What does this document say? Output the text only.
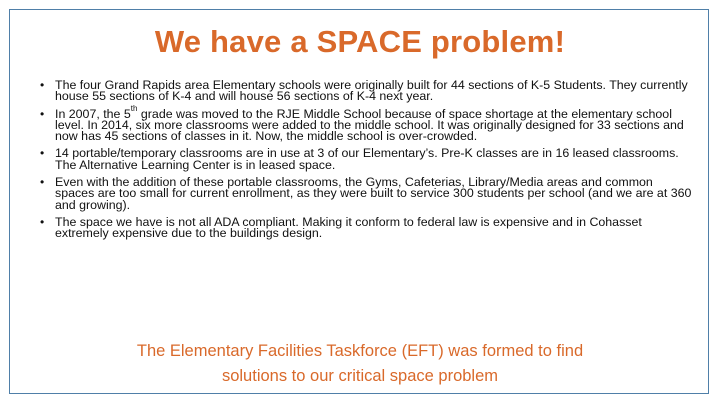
We have a SPACE problem!
• The four Grand Rapids area Elementary schools were originally built for 44 sections of K-5 Students. They currently house 55 sections of K-4 and will house 56 sections of K-4 next year.
• In 2007, the 5th grade was moved to the RJE Middle School because of space shortage at the elementary school level. In 2014, six more classrooms were added to the middle school. It was originally designed for 33 sections and now has 45 sections of classes in it. Now, the middle school is over-crowded.
• 14 portable/temporary classrooms are in use at 3 of our Elementary’s. Pre-K classes are in 16 leased classrooms. The Alternative Learning Center is in leased space.
• Even with the addition of these portable classrooms, the Gyms, Cafeterias, Library/Media areas and common spaces are too small for current enrollment, as they were built to service 300 students per school (and we are at 360 and growing).
• The space we have is not all ADA compliant. Making it conform to federal law is expensive and in Cohasset extremely expensive due to the buildings design.

The Elementary Facilities Taskforce (EFT) was formed to find
solutions to our critical space problem
